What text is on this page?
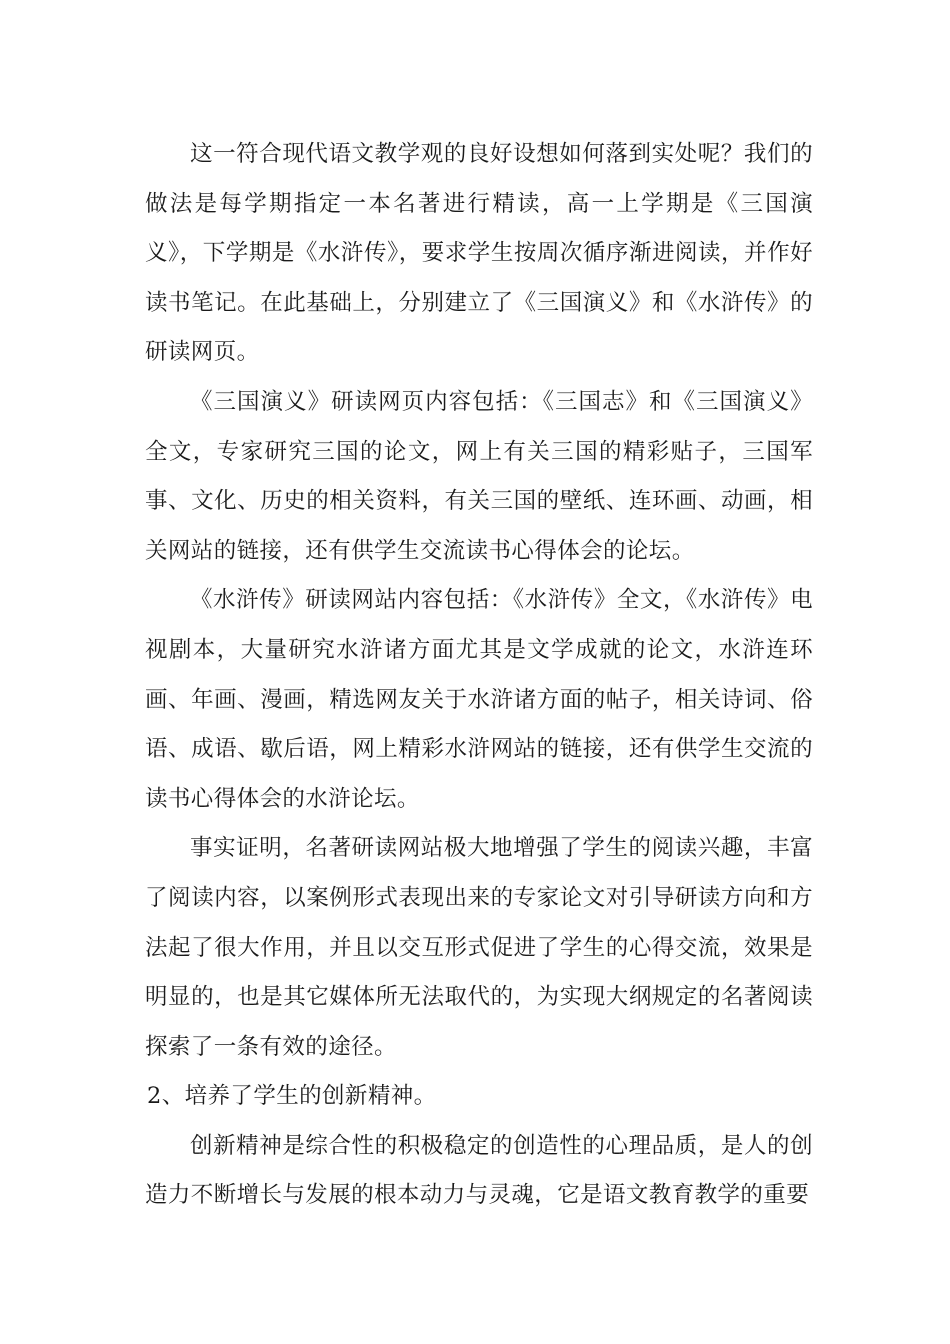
这一符合现代语文教学观的良好设想如何落到实处呢？我们的做法是每学期指定一本名著进行精读，高一上学期是《三国演义》，下学期是《水浒传》，要求学生按周次循序渐进阅读，并作好读书笔记。在此基础上，分别建立了《三国演义》和《水浒传》的研读网页。

《三国演义》研读网页内容包括：《三国志》和《三国演义》全文，专家研究三国的论文，网上有关三国的精彩贴子，三国军事、文化、历史的相关资料，有关三国的壁纸、连环画、动画，相关网站的链接，还有供学生交流读书心得体会的论坛。

《水浒传》研读网站内容包括：《水浒传》全文，《水浒传》电视剧本，大量研究水浒诸方面尤其是文学成就的论文，水浒连环画、年画、漫画，精选网友关于水浒诸方面的帖子，相关诗词、俗语、成语、歇后语，网上精彩水浒网站的链接，还有供学生交流的读书心得体会的水浒论坛。

事实证明，名著研读网站极大地增强了学生的阅读兴趣，丰富了阅读内容，以案例形式表现出来的专家论文对引导研读方向和方法起了很大作用，并且以交互形式促进了学生的心得交流，效果是明显的，也是其它媒体所无法取代的，为实现大纲规定的名著阅读探索了一条有效的途径。

2、培养了学生的创新精神。

创新精神是综合性的积极稳定的创造性的心理品质，是人的创造力不断增长与发展的根本动力与灵魂，它是语文教育教学的重要
